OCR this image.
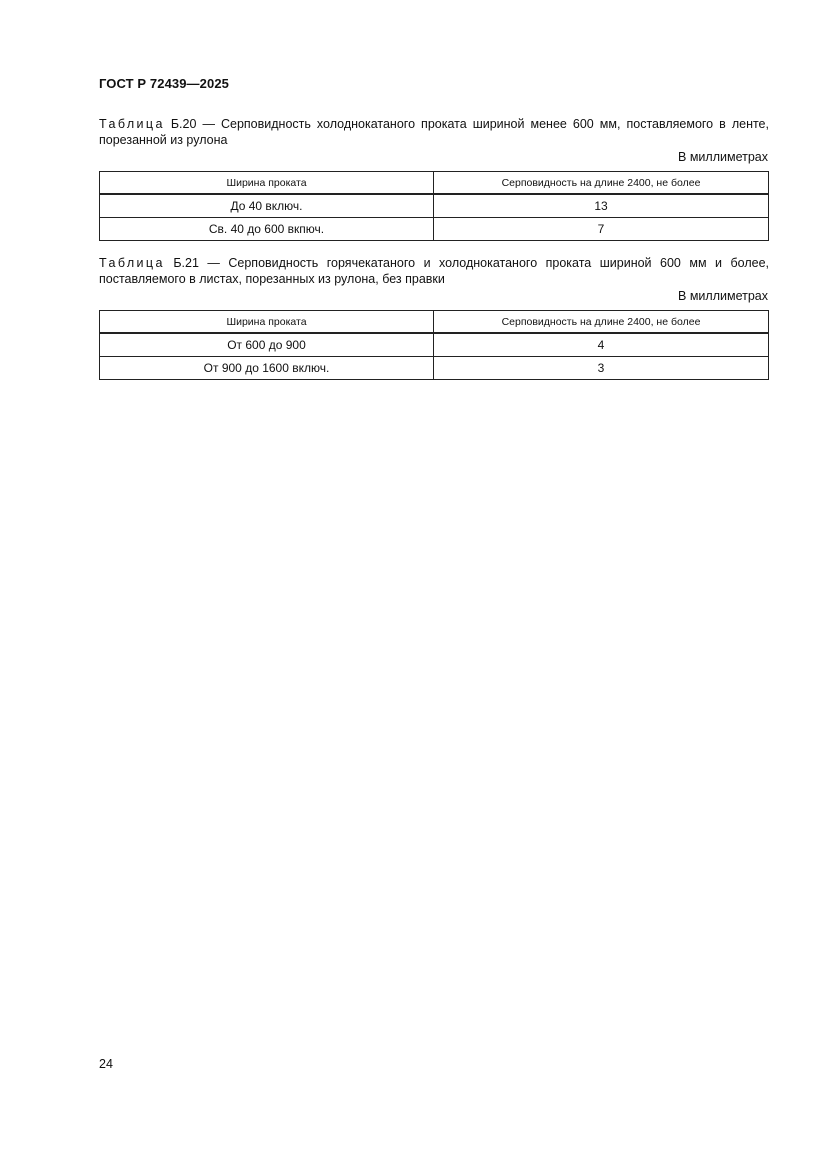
ГОСТ Р 72439—2025
Таблица Б.20 — Серповидность холоднокатаного проката шириной менее 600 мм, поставляемого в ленте, порезанной из рулона
В миллиметрах
Ширина проката	Серповидность на длине 2400, не более
До 40 включ.	13
Св. 40 до 600 вкпюч.	7
Таблица Б.21 — Серповидность горячекатаного и холоднокатаного проката шириной 600 мм и более, поставляемого в листах, порезанных из рулона, без правки
В миллиметрах
Ширина проката	Серповидность на длине 2400, не более
От 600 до 900	4
От 900 до 1600 включ.	3
24
